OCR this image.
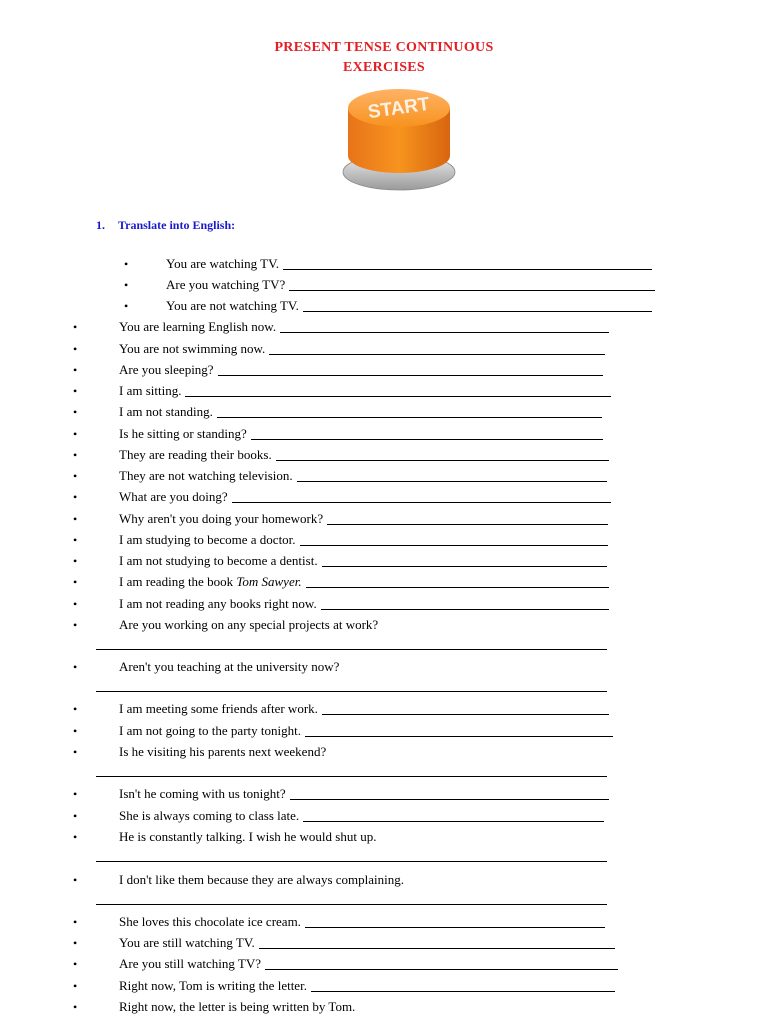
PRESENT TENSE CONTINUOUS
EXERCISES
START
1. Translate into English:
•	You are watching TV.
•	Are you watching TV?
•	You are not watching TV.
•	You are learning English now.
•	You are not swimming now.
•	Are you sleeping?
•	I am sitting.
•	I am not standing.
•	Is he sitting or standing?
•	They are reading their books.
•	They are not watching television.
•	What are you doing?
•	Why aren't you doing your homework?
•	I am studying to become a doctor.
•	I am not studying to become a dentist.
•	I am reading the book Tom Sawyer.
•	I am not reading any books right now.
•	Are you working on any special projects at work?
•	Aren't you teaching at the university now?
•	I am meeting some friends after work.
•	I am not going to the party tonight.
•	Is he visiting his parents next weekend?
•	Isn't he coming with us tonight?
•	She is always coming to class late.
•	He is constantly talking. I wish he would shut up.
•	I don't like them because they are always complaining.
•	She loves this chocolate ice cream.
•	You are still watching TV.
•	Are you still watching TV?
•	Right now, Tom is writing the letter.
•	Right now, the letter is being written by Tom.
